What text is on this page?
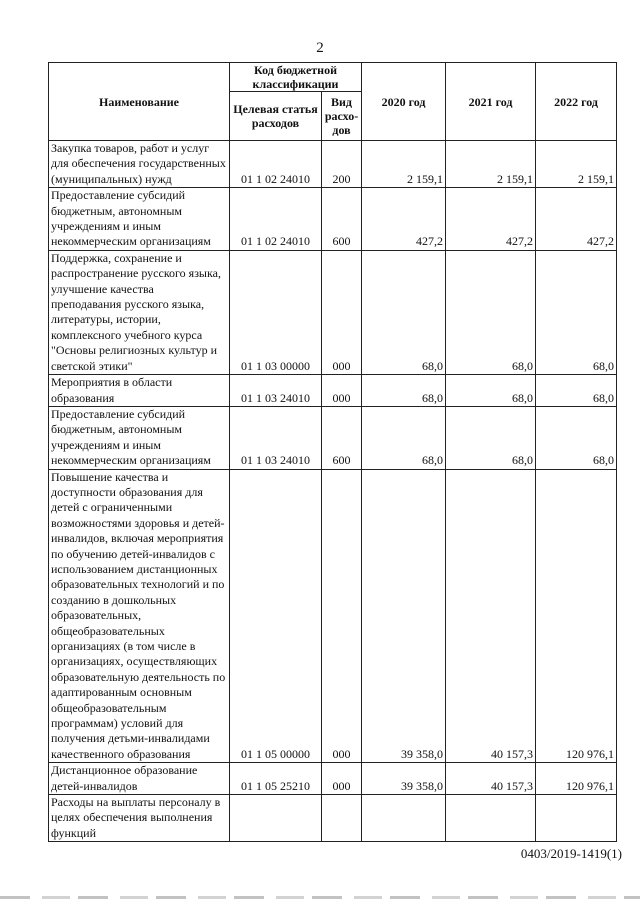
2
Наименование	Код бюджетной классификации		2020 год	2021 год	2022 год
	Целевая статья расходов	Вид расхо-дов			
Закупка товаров, работ и услуг для обеспечения государственных (муниципальных) нужд	01 1 02 24010	200	2 159,1	2 159,1	2 159,1
Предоставление субсидий бюджетным, автономным учреждениям и иным некоммерческим организациям	01 1 02 24010	600	427,2	427,2	427,2
Поддержка, сохранение и распространение русского языка, улучшение качества преподавания русского языка, литературы, истории, комплексного учебного курса "Основы религиозных культур и светской этики"	01 1 03 00000	000	68,0	68,0	68,0
Мероприятия в области образования	01 1 03 24010	000	68,0	68,0	68,0
Предоставление субсидий бюджетным, автономным учреждениям и иным некоммерческим организациям	01 1 03 24010	600	68,0	68,0	68,0
Повышение качества и доступности образования для детей с ограниченными возможностями здоровья и детей-инвалидов, включая мероприятия по обучению детей-инвалидов с использованием дистанционных образовательных технологий и по созданию в дошкольных образовательных, общеобразовательных организациях (в том числе в организациях, осуществляющих образовательную деятельность по адаптированным основным общеобразовательным программам) условий для получения детьми-инвалидами качественного образования	01 1 05 00000	000	39 358,0	40 157,3	120 976,1
Дистанционное образование детей-инвалидов	01 1 05 25210	000	39 358,0	40 157,3	120 976,1
Расходы на выплаты персоналу в целях обеспечения выполнения функций					
0403/2019-1419(1)
